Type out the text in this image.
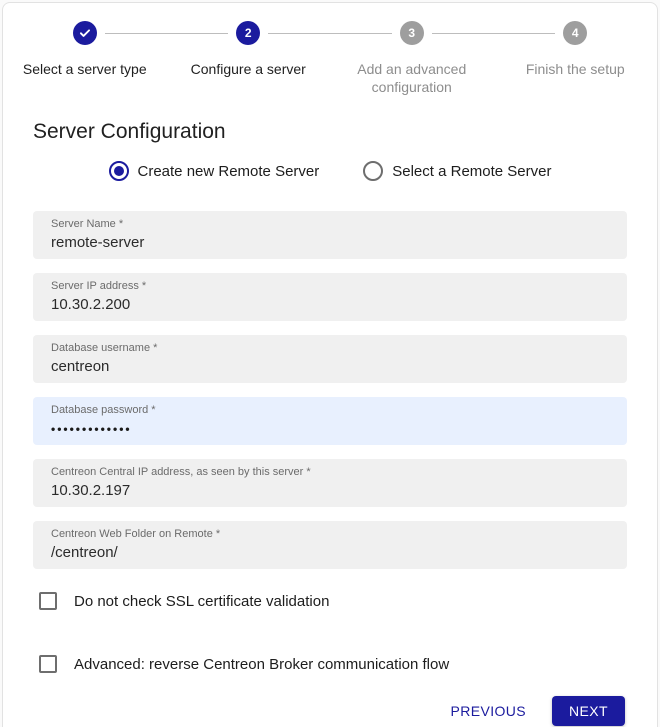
Select a server type
2
Configure a server
3
Add an advanced configuration
4
Finish the setup
Server Configuration
Create new Remote Server	Select a Remote Server
Server Name *
remote-server
Server IP address *
10.30.2.200
Database username *
centreon
Database password *
•••••••••••••
Centreon Central IP address, as seen by this server *
10.30.2.197
Centreon Web Folder on Remote *
/centreon/
Do not check SSL certificate validation
Advanced: reverse Centreon Broker communication flow
PREVIOUS	NEXT
